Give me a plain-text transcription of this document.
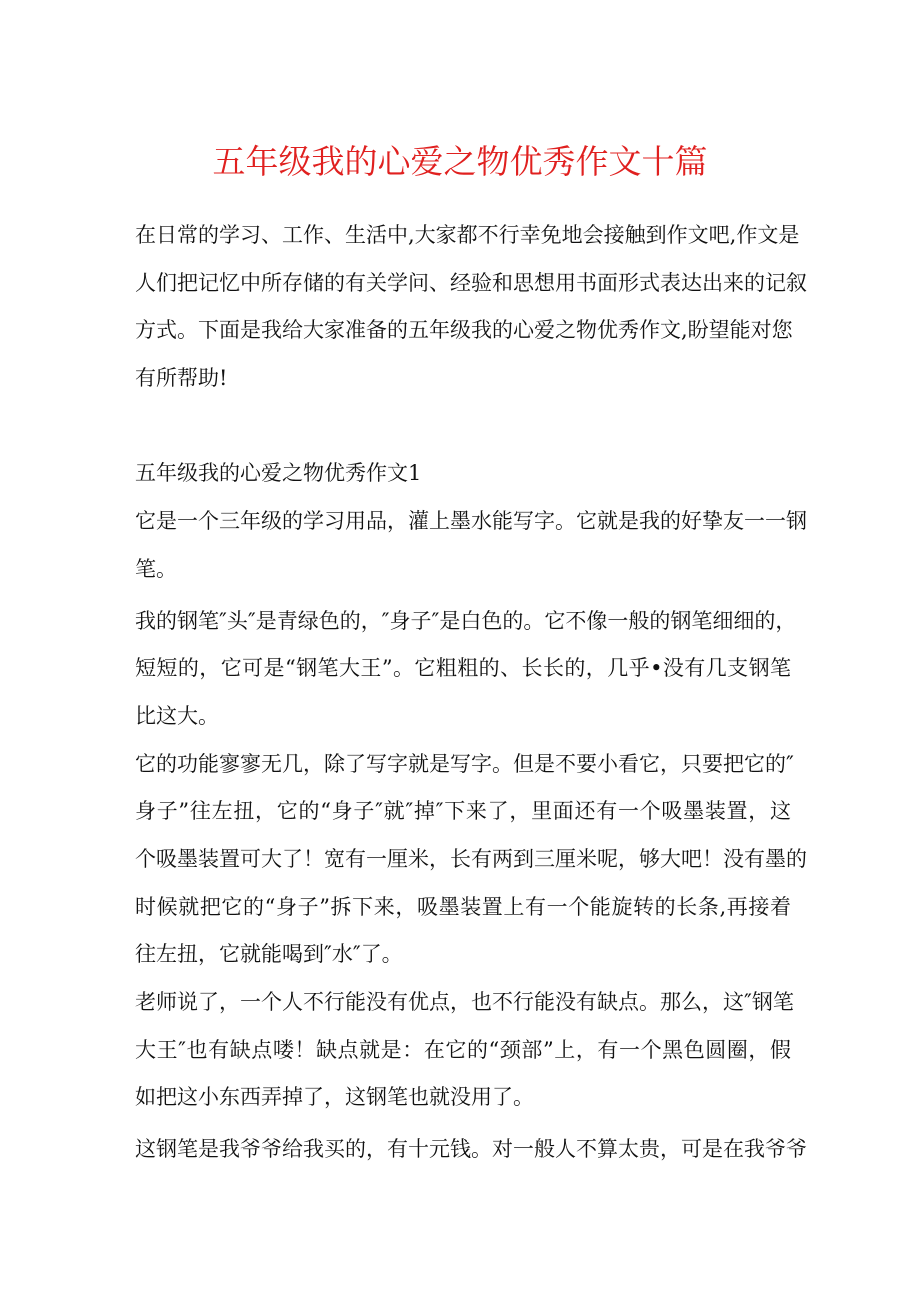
五年级我的心爱之物优秀作文十篇
在日常的学习、工作、生活中,大家都不行幸免地会接触到作文吧,作文是
人们把记忆中所存储的有关学问、经验和思想用书面形式表达出来的记叙
方式。下面是我给大家准备的五年级我的心爱之物优秀作文,盼望能对您
有所帮助!
五年级我的心爱之物优秀作文1
它是一个三年级的学习用品，灌上墨水能写字。它就是我的好挚友一一钢
笔。
我的钢笔″头″是青绿色的，″身子″是白色的。它不像一般的钢笔细细的，
短短的，它可是“钢笔大王”。它粗粗的、长长的，几乎•没有几支钢笔
比这大。
它的功能寥寥无几，除了写字就是写字。但是不要小看它，只要把它的″
身子”往左扭，它的“身子″就″掉″下来了，里面还有一个吸墨装置，这
个吸墨装置可大了！宽有一厘米，长有两到三厘米呢，够大吧！没有墨的
时候就把它的“身子”拆下来，吸墨装置上有一个能旋转的长条,再接着
往左扭，它就能喝到″水″了。
老师说了，一个人不行能没有优点，也不行能没有缺点。那么，这″钢笔
大王″也有缺点喽！缺点就是：在它的“颈部”上，有一个黑色圆圈，假
如把这小东西弄掉了，这钢笔也就没用了。
这钢笔是我爷爷给我买的，有十元钱。对一般人不算太贵，可是在我爷爷
